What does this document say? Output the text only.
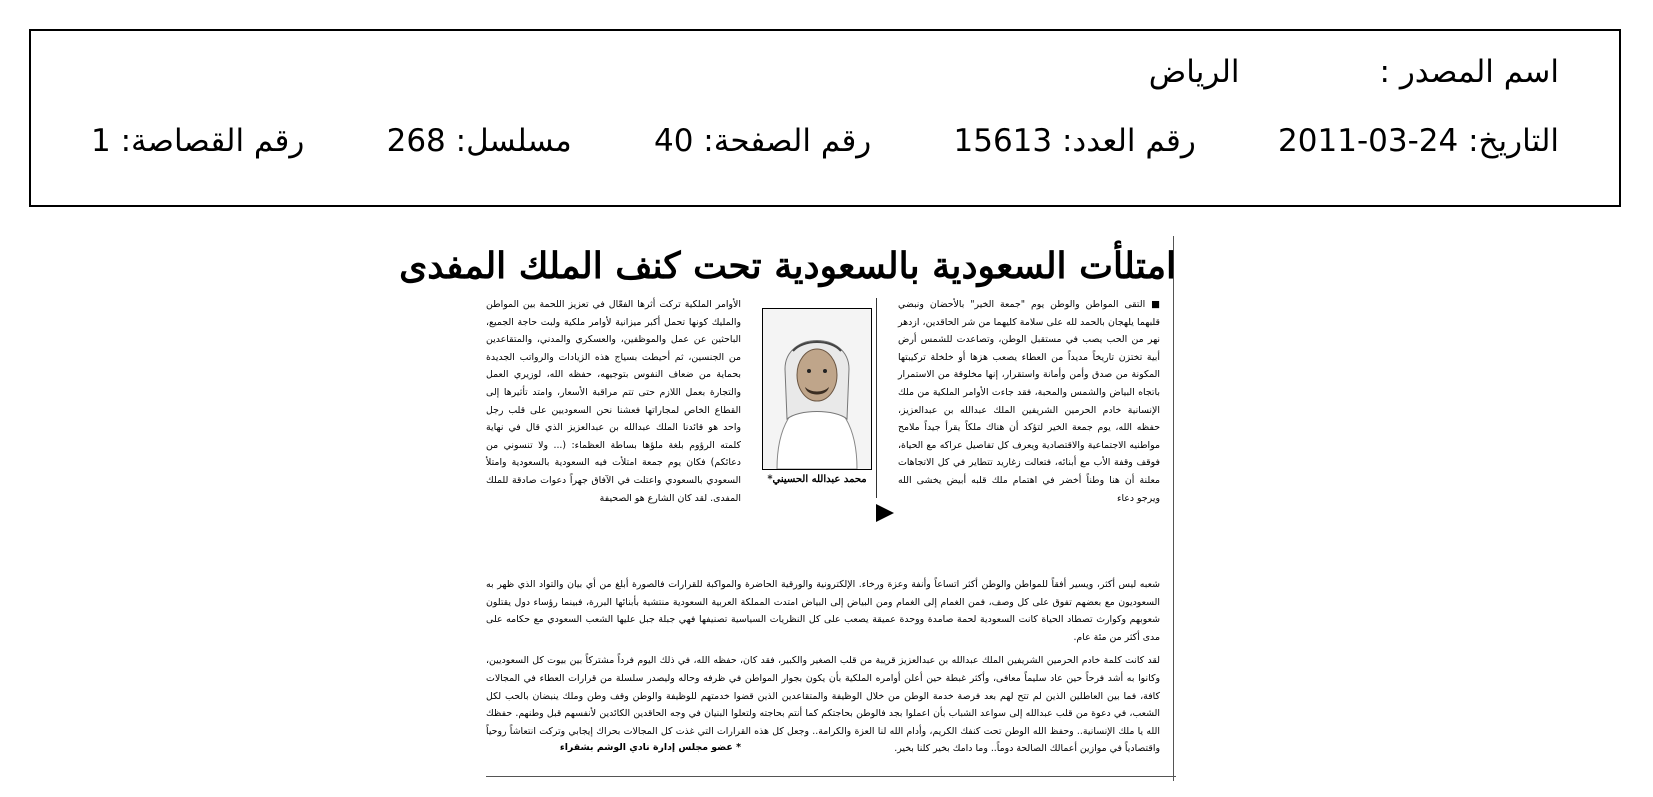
اسم المصدر :الرياض
التاريخ: 24-03-2011
رقم العدد: 15613
رقم الصفحة: 40
مسلسل: 268
رقم القصاصة: 1
امتلأت السعودية بالسعودية تحت كنف الملك المفدى

■ التقى المواطن والوطن يوم "جمعة الخير" بالأحضان ونبضي قلبهما يلهجان بالحمد لله على سلامة كليهما من شر الحاقدين، ازدهر نهر من الحب يصب في مستقبل الوطن، وتصاعدت للشمس أرض أبية تختزن تاريخاً مديداً من العطاء يصعب هزها أو خلخلة تركيبتها المكونة من صدق وأمن وأمانة واستقرار، إنها مخلوقة من الاستمرار باتجاه البياض والشمس والمحبة، فقد جاءت الأوامر الملكية من ملك الإنسانية خادم الحرمين الشريفين الملك عبدالله بن عبدالعزيز، حفظه الله، يوم جمعة الخير لتؤكد أن هناك ملكاً يقرأ جيداً ملامح مواطنيه الاجتماعية والاقتصادية ويعرف كل تفاصيل عراكه مع الحياة، فوقف وقفة الأب مع أبنائه، فتعالت زغاريد تتطاير في كل الاتجاهات معلنة أن هنا وطناً أخضر في اهتمام ملك قلبه أبيض يخشى الله ويرجو دعاء

محمد عبدالله الحسيني*

الأوامر الملكية تركت أثرها الفعّال في تعزيز اللحمة بين المواطن والمليك كونها تحمل أكبر ميزانية لأوامر ملكية ولبت حاجة الجميع، الباحثين عن عمل والموظفين، والعسكري والمدني، والمتقاعدين من الجنسين، ثم أحيطت بسياج هذه الزيادات والرواتب الجديدة بحماية من ضعاف النفوس بتوجيهه، حفظه الله، لوزيري العمل والتجارة بعمل اللازم حتى تتم مراقبة الأسعار، وامتد تأثيرها إلى القطاع الخاص لمجاراتها فعشنا نحن السعوديين على قلب رجل واحد هو قائدنا الملك عبدالله بن عبدالعزيز الذي قال في نهاية كلمته الرؤوم بلغة ملؤها بساطة العظماء: (... ولا تنسوني من دعائكم) فكان يوم جمعة امتلأت فيه السعودية بالسعودية وامتلأ السعودي بالسعودي واعتلت في الآفاق جهراً دعوات صادقة للملك المفدى. لقد كان الشارع هو الصحيفة

شعبه ليس أكثر، ويسير أفقاً للمواطن والوطن أكثر اتساعاً وأنفة وعزة ورخاء. الإلكترونية والورقية الحاضرة والمواكبة للقرارات فالصورة أبلغ من أي بيان والتواد الذي ظهر به السعوديون مع بعضهم تفوق على كل وصف، فمن الغمام إلى الغمام ومن البياض إلى البياض امتدت المملكة العربية السعودية منتشية بأبنائها البررة، فبينما رؤساء دول يقتلون شعوبهم وكوارث تصطاد الحياة كانت السعودية لحمة صامدة ووحدة عميقة يصعب على كل النظريات السياسية تصنيفها فهي جبلة جبل عليها الشعب السعودي مع حكامه على مدى أكثر من مئة عام.

لقد كانت كلمة خادم الحرمين الشريفين الملك عبدالله بن عبدالعزيز قريبة من قلب الصغير والكبير، فقد كان، حفظه الله، في ذلك اليوم فرداً مشتركاً بين بيوت كل السعوديين، وكانوا به أشد فرحاً حين عاد سليماً معافى، وأكثر غبطة حين أعلن أوامره الملكية بأن يكون بجوار المواطن في ظرفه وحاله وليصدر سلسلة من قرارات العطاء في المجالات كافة، فما بين العاطلين الذين لم تتح لهم بعد فرصة خدمة الوطن من خلال الوظيفة والمتقاعدين الذين قضوا خدمتهم للوظيفة والوطن وقف وطن وملك ينبضان بالحب لكل الشعب، في دعوة من قلب عبدالله إلى سواعد الشباب بأن اعملوا بجد فالوطن بحاجتكم كما أنتم بحاجته ولتعلوا البنيان في وجه الحاقدين الكائدين لأنفسهم قبل وطنهم. حفظك الله يا ملك الإنسانية.. وحفظ الله الوطن تحت كنفك الكريم، وأدام الله لنا العزة والكرامة.. وجعل كل هذه القرارات التي غذت كل المجالات بحراك إيجابي وتركت انتعاشاً روحياً واقتصادياً في موازين أعمالك الصالحة دوماً.. وما دامك بخير كلنا بخير.

* عضو مجلس إدارة نادي الوشم بشقراء
